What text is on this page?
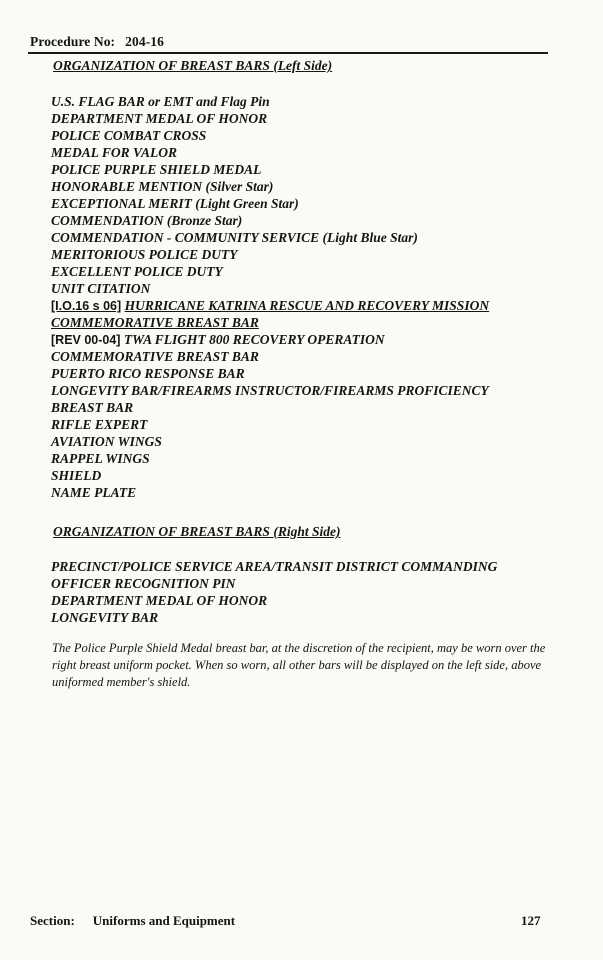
Procedure No: 204-16
ORGANIZATION OF BREAST BARS (Left Side)
U.S. FLAG BAR or EMT and Flag Pin
DEPARTMENT MEDAL OF HONOR
POLICE COMBAT CROSS
MEDAL FOR VALOR
POLICE PURPLE SHIELD MEDAL
HONORABLE MENTION (Silver Star)
EXCEPTIONAL MERIT (Light Green Star)
COMMENDATION (Bronze Star)
COMMENDATION - COMMUNITY SERVICE (Light Blue Star)
MERITORIOUS POLICE DUTY
EXCELLENT POLICE DUTY
UNIT CITATION
[I.O.16 s 06] HURRICANE KATRINA RESCUE AND RECOVERY MISSION
COMMEMORATIVE BREAST BAR
[REV 00-04] TWA FLIGHT 800 RECOVERY OPERATION
COMMEMORATIVE BREAST BAR
PUERTO RICO RESPONSE BAR
LONGEVITY BAR/FIREARMS INSTRUCTOR/FIREARMS PROFICIENCY
BREAST BAR
RIFLE EXPERT
AVIATION WINGS
RAPPEL WINGS
SHIELD
NAME PLATE
ORGANIZATION OF BREAST BARS (Right Side)
PRECINCT/POLICE SERVICE AREA/TRANSIT DISTRICT COMMANDING
OFFICER RECOGNITION PIN
DEPARTMENT MEDAL OF HONOR
LONGEVITY BAR

The Police Purple Shield Medal breast bar, at the discretion of the recipient, may be worn over the right breast uniform pocket. When so worn, all other bars will be displayed on the left side, above uniformed member's shield.

Section: Uniforms and Equipment	127
